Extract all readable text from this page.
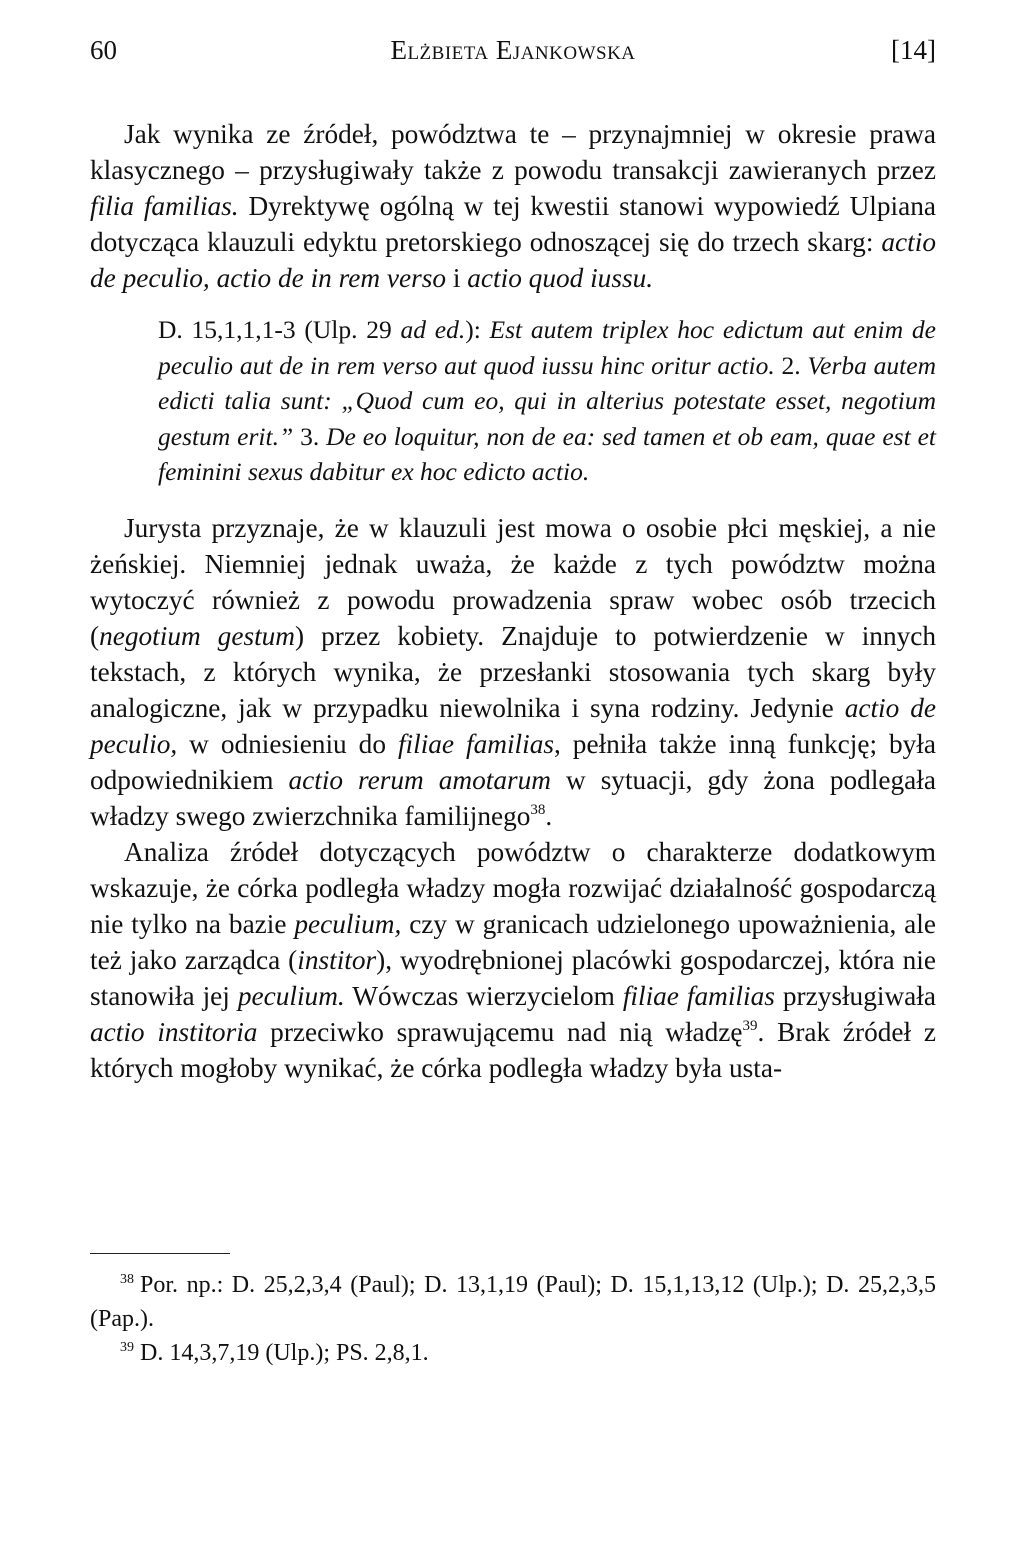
60	Elżbieta Ejankowska	[14]

Jak wynika ze źródeł, powództwa te – przynajmniej w okresie prawa klasycznego – przysługiwały także z powodu transakcji zawieranych przez filia familias. Dyrektywę ogólną w tej kwestii stanowi wypowiedź Ulpiana dotycząca klauzuli edyktu pretorskiego odnoszącej się do trzech skarg: actio de peculio, actio de in rem verso i actio quod iussu.

D. 15,1,1,1-3 (Ulp. 29 ad ed.): Est autem triplex hoc edictum aut enim de peculio aut de in rem verso aut quod iussu hinc oritur actio. 2. Verba autem edicti talia sunt: „Quod cum eo, qui in alterius potestate esset, negotium gestum erit.” 3. De eo loquitur, non de ea: sed tamen et ob eam, quae est et feminini sexus dabitur ex hoc edicto actio.

Jurysta przyznaje, że w klauzuli jest mowa o osobie płci męskiej, a nie żeńskiej. Niemniej jednak uważa, że każde z tych powództw można wytoczyć również z powodu prowadzenia spraw wobec osób trzecich (negotium gestum) przez kobiety. Znajduje to potwierdzenie w innych tekstach, z których wynika, że przesłanki stosowania tych skarg były analogiczne, jak w przypadku niewolnika i syna rodziny. Jedynie actio de peculio, w odniesieniu do filiae familias, pełniła także inną funkcję; była odpowiednikiem actio rerum amotarum w sytuacji, gdy żona podlegała władzy swego zwierzchnika familijnego$^{38}$.

Analiza źródeł dotyczących powództw o charakterze dodatkowym wskazuje, że córka podległa władzy mogła rozwijać działalność gospodarczą nie tylko na bazie peculium, czy w granicach udzielonego upoważnienia, ale też jako zarządca (institor), wyodrębnionej placówki gospodarczej, która nie stanowiła jej peculium. Wówczas wierzycielom filiae familias przysługiwała actio institoria przeciwko sprawującemu nad nią władzę$^{39}$. Brak źródeł z których mogłoby wynikać, że córka podległa władzy była usta-

$^{38}$ Por. np.: D. 25,2,3,4 (Paul); D. 13,1,19 (Paul); D. 15,1,13,12 (Ulp.); D. 25,2,3,5 (Pap.).

$^{39}$ D. 14,3,7,19 (Ulp.); PS. 2,8,1.
